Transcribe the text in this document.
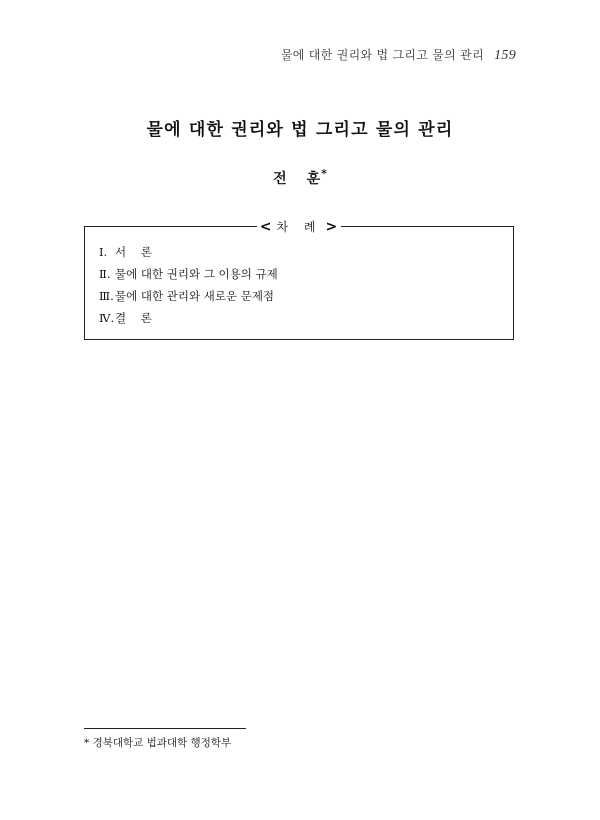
물에 대한 권리와 법 그리고 물의 관리 159
물에 대한 권리와 법 그리고 물의 관리
전 훈*
< 차 례 >
Ⅰ. 서    론
Ⅱ. 물에 대한 권리와 그 이용의 규제
Ⅲ.물에 대한 관리와 새로운 문제점
Ⅳ.결    론
* 경북대학교 법과대학 행정학부
